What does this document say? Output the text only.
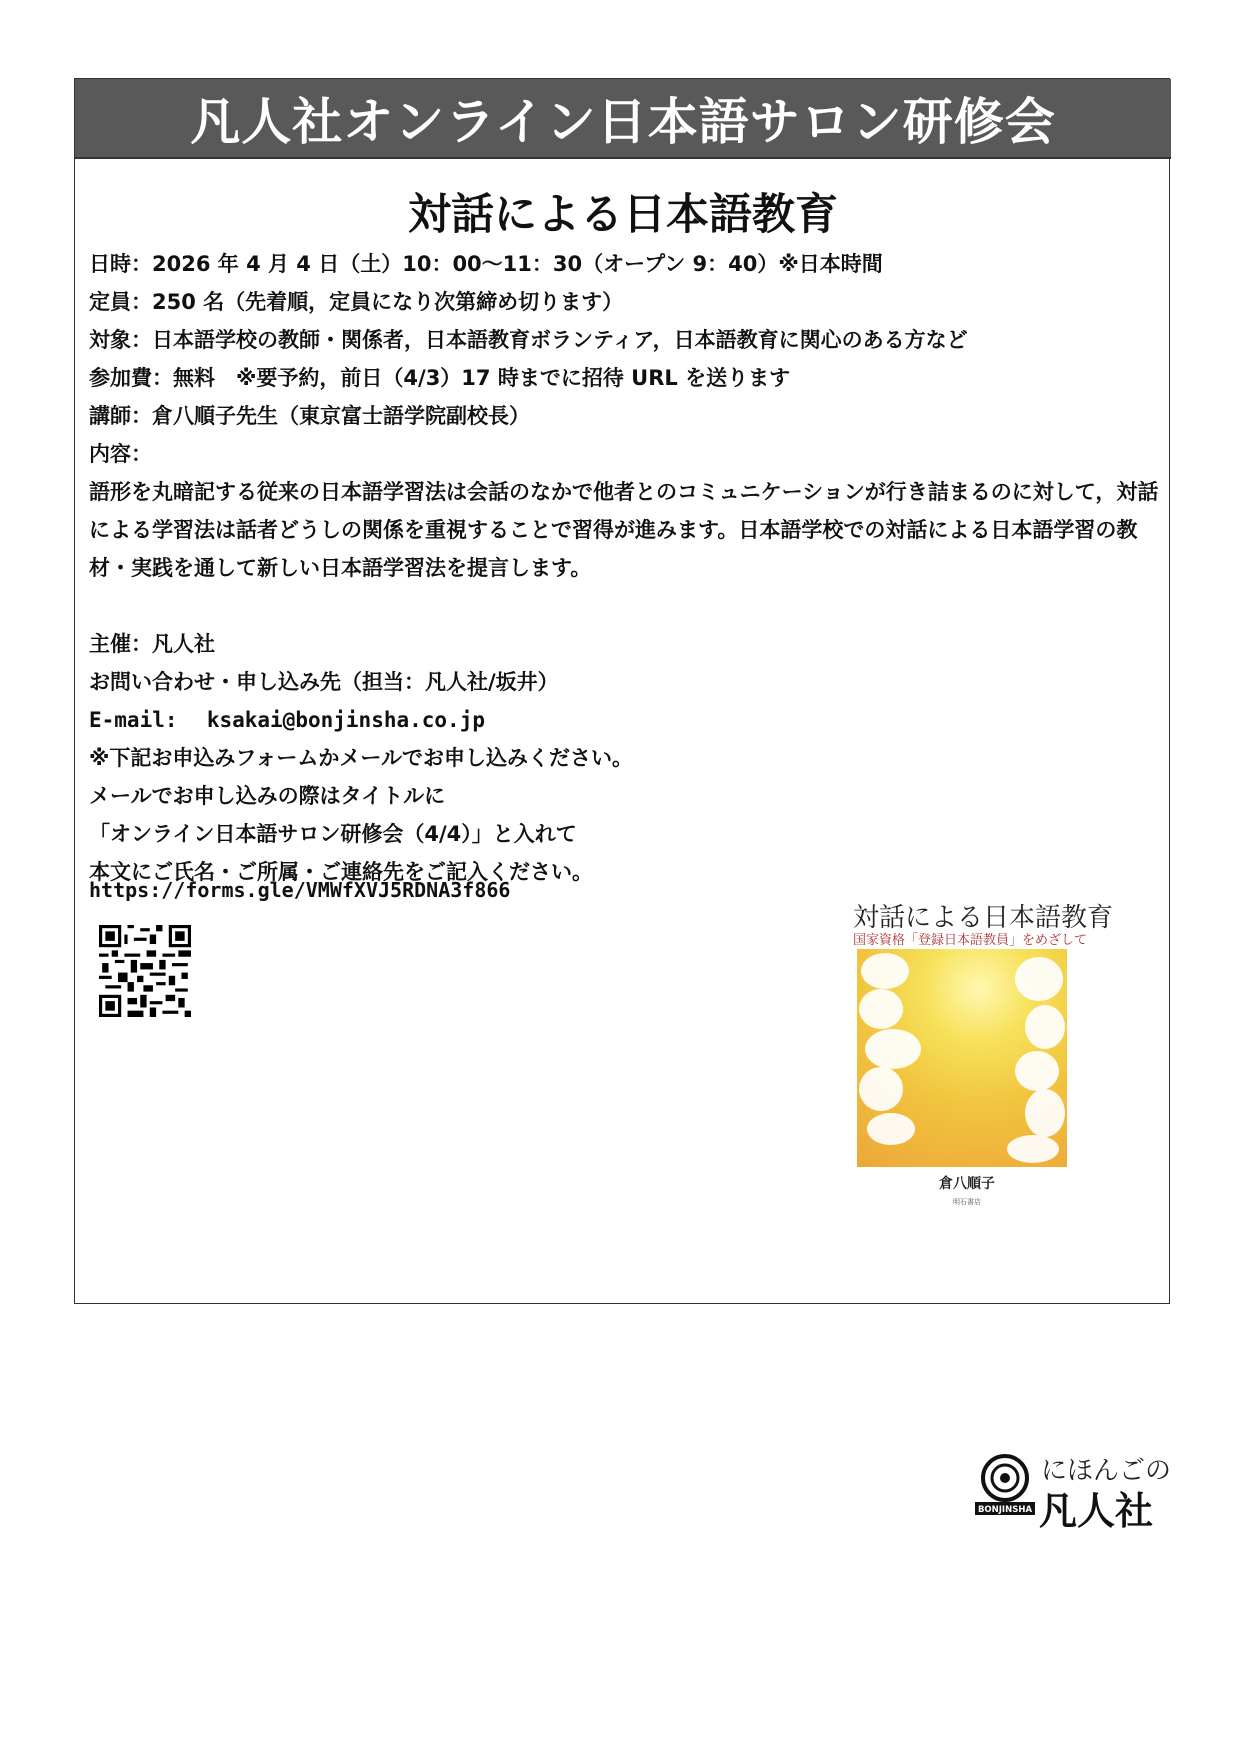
凡人社オンライン日本語サロン研修会
対話による日本語教育
日時：2026 年 4 月 4 日（土）10：00〜11：30（オープン 9：40）※日本時間
定員：250 名（先着順，定員になり次第締め切ります）
対象：日本語学校の教師・関係者，日本語教育ボランティア，日本語教育に関心のある方など
参加費：無料　※要予約，前日（4/3）17 時までに招待 URL を送ります
講師：倉八順子先生（東京富士語学院副校長）
内容：

語形を丸暗記する従来の日本語学習法は会話のなかで他者とのコミュニケーションが行き詰まるのに対して，対話による学習法は話者どうしの関係を重視することで習得が進みます。日本語学校での対話による日本語学習の教材・実践を通して新しい日本語学習法を提言します。

主催：凡人社
お問い合わせ・申し込み先（担当：凡人社/坂井）
E-mail: ksakai@bonjinsha.co.jp
※下記お申込みフォームかメールでお申し込みください。
メールでお申し込みの際はタイトルに
「オンライン日本語サロン研修会（4/4）」と入れて
本文にご氏名・ご所属・ご連絡先をご記入ください。
https://forms.gle/VMWfXVJ5RDNA3f866
対話による日本語教育
国家資格「登録日本語教員」をめざして
倉八順子
明石書店
BONJINSHA
にほんごの
凡人社
